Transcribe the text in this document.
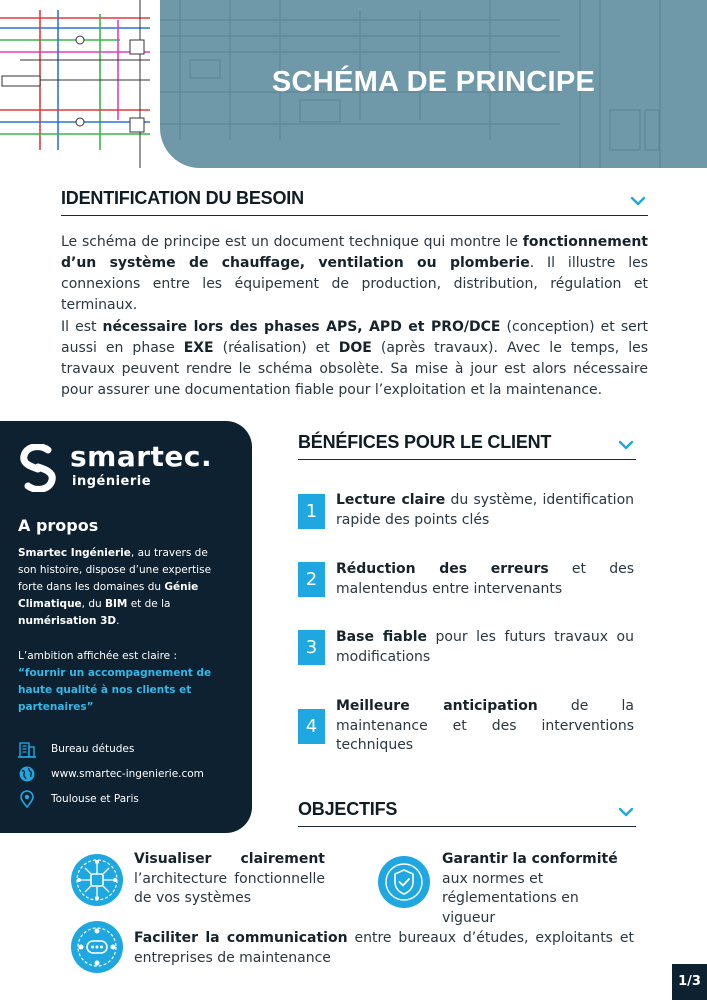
SCHÉMA DE PRINCIPE
IDENTIFICATION DU BESOIN

Le schéma de principe est un document technique qui montre le fonctionnement d’un système de chauffage, ventilation ou plomberie. Il illustre les connexions entre les équipement de production, distribution, régulation et terminaux.

Il est nécessaire lors des phases APS, APD et PRO/DCE (conception) et sert aussi en phase EXE (réalisation) et DOE (après travaux). Avec le temps, les travaux peuvent rendre le schéma obsolète. Sa mise à jour est alors nécessaire pour assurer une documentation fiable pour l’exploitation et la maintenance.

smartec.
ingénierie
A propos

Smartec Ingénierie, au travers de son histoire, dispose d’une expertise forte dans les domaines du Génie Climatique, du BIM et de la numérisation 3D.

L’ambition affichée est claire :
“fournir un accompagnement de haute qualité à nos clients et partenaires”

Bureau détudes
www.smartec-ingenierie.com
Toulouse et Paris
BÉNÉFICES POUR LE CLIENT
1

Lecture claire du système, identification rapide des points clés

2	Réduction des erreurs et des malentendus entre intervenants

3	Base fiable pour les futurs travaux ou modifications

4

Meilleure anticipation de la maintenance et des interventions techniques

OBJECTIFS

Visualiser clairement l’architecture fonctionnelle de vos systèmes

Garantir la conformité aux normes et réglementations en vigueur

Faciliter la communication entre bureaux d’études, exploitants et entreprises de maintenance

1/3
